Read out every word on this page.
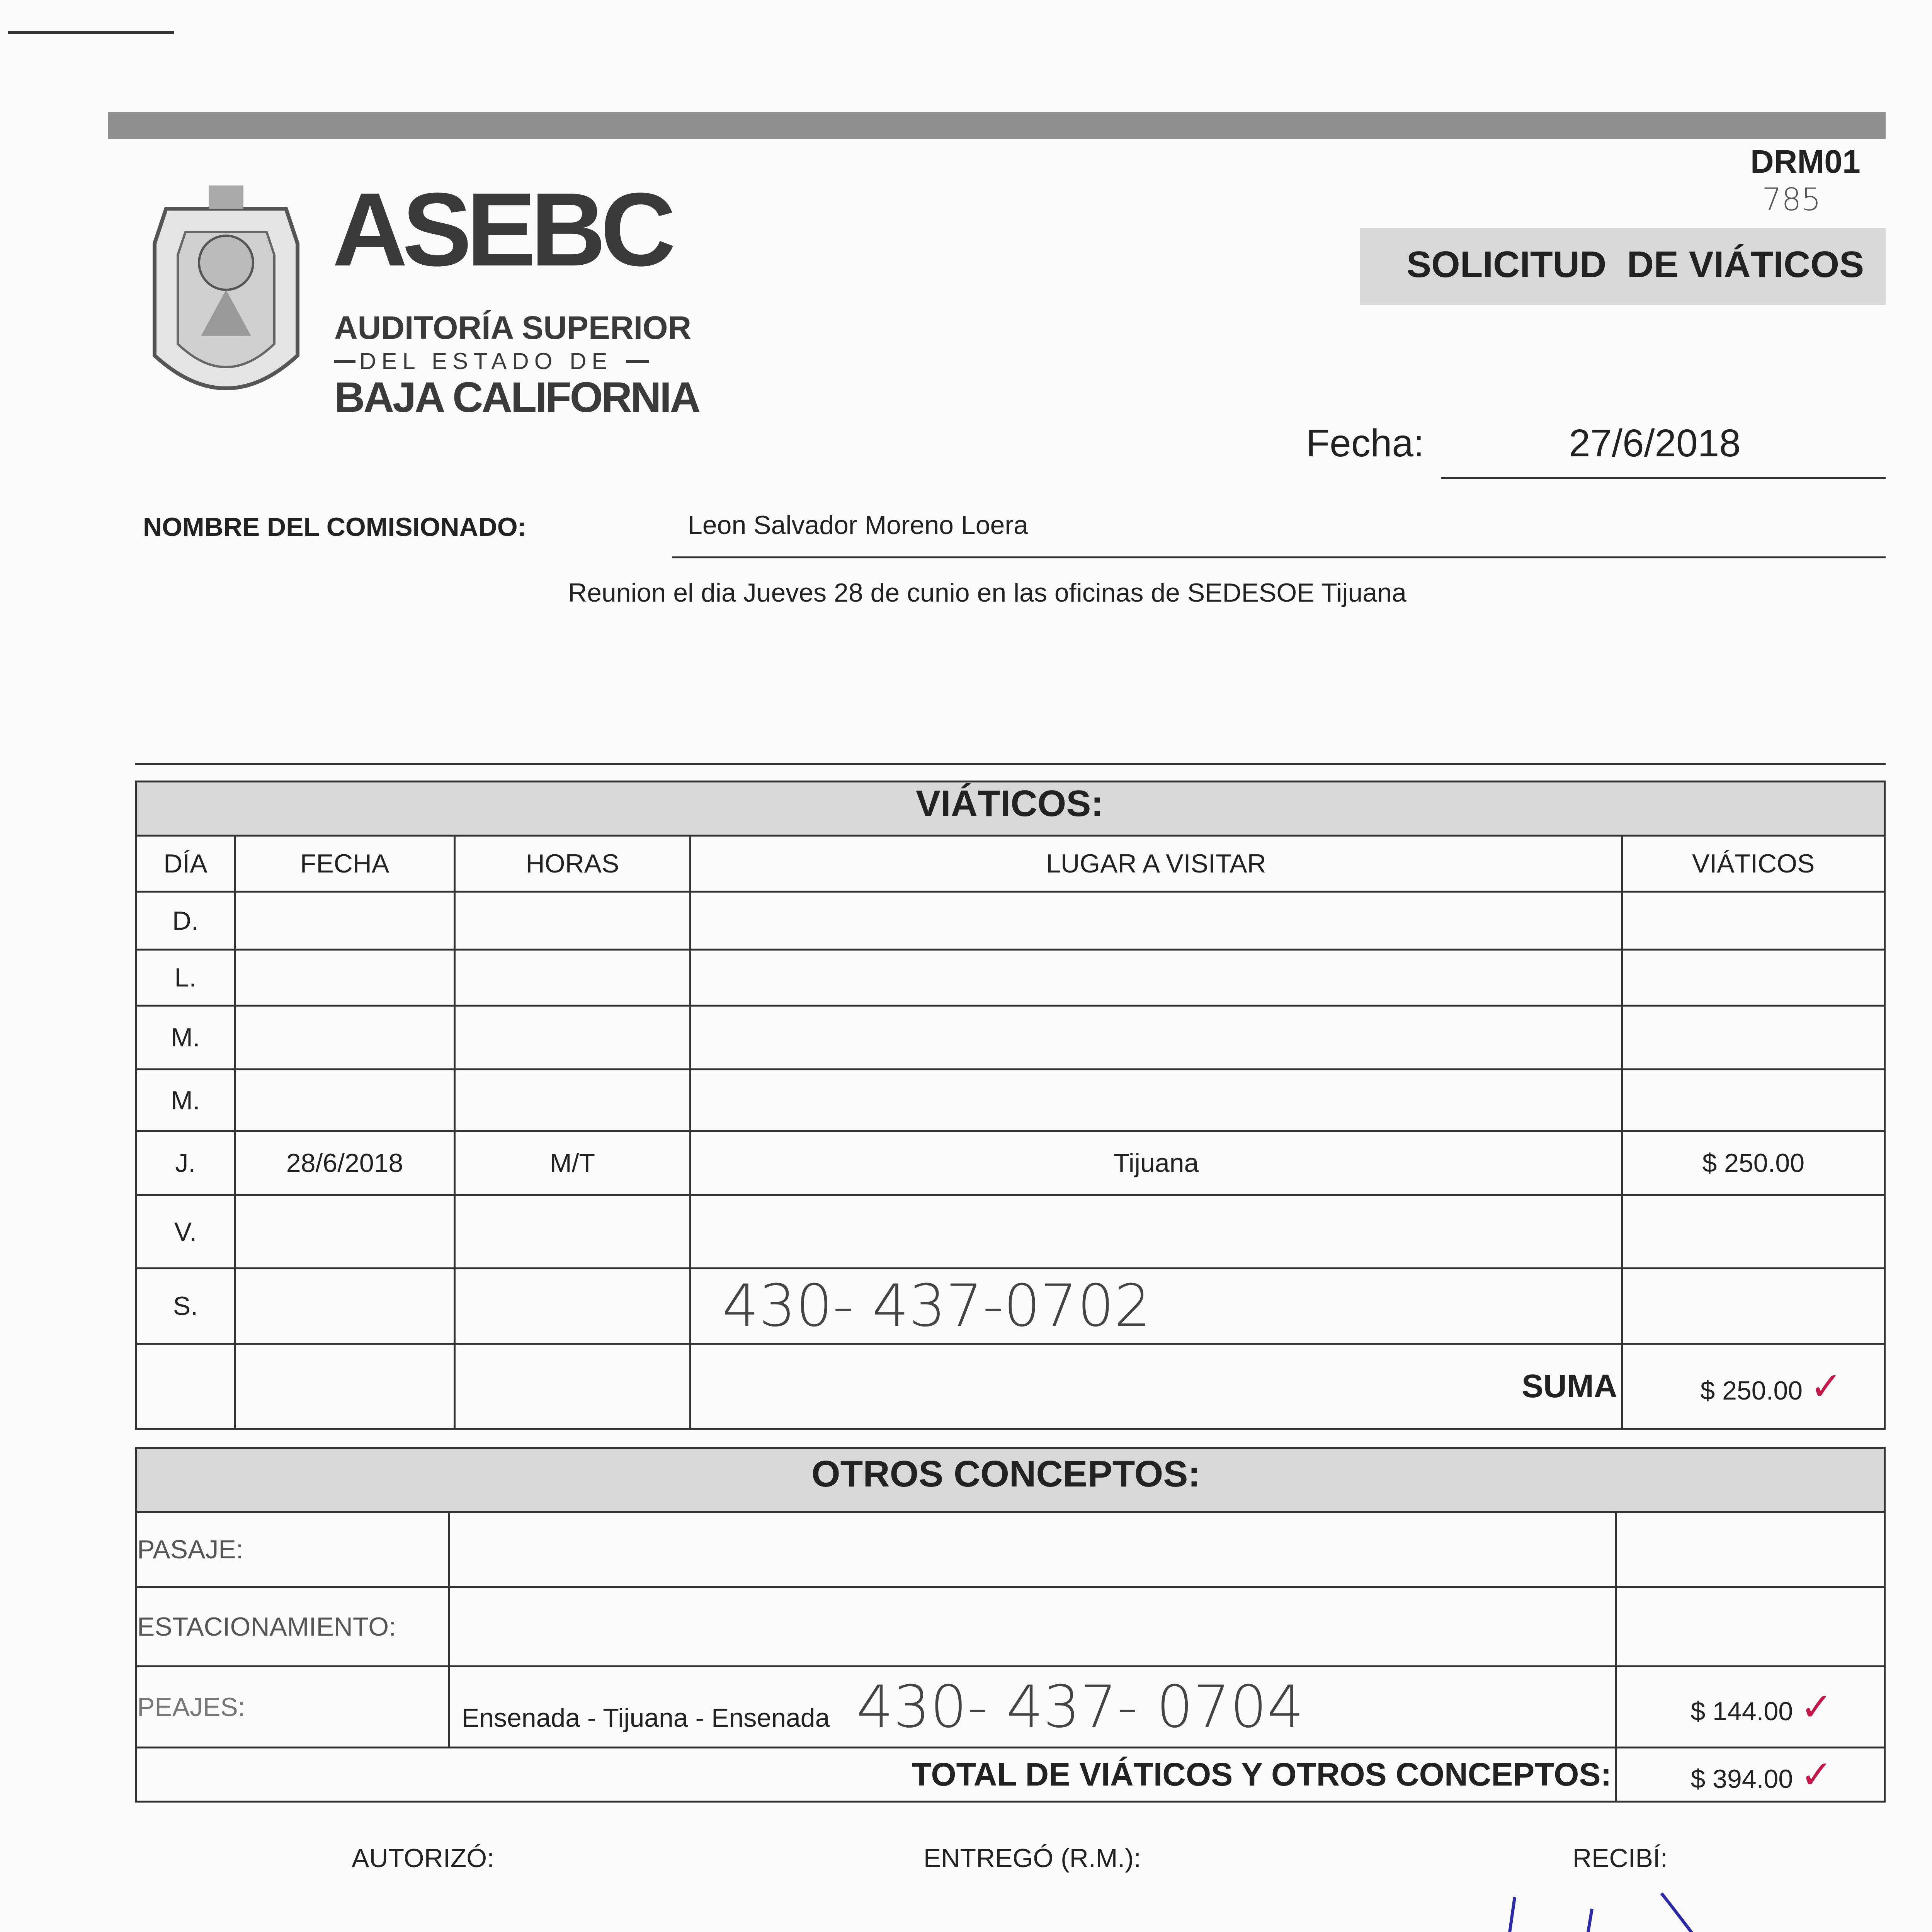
ASEBC
AUDITORÍA SUPERIOR
DEL ESTADO DE
BAJA CALIFORNIA
DRM01
785
SOLICITUD  DE VIÁTICOS
Fecha:	27/6/2018
NOMBRE DEL COMISIONADO:	Leon Salvador Moreno Loera
Reunion el dia Jueves 28 de cunio en las oficinas de SEDESOE Tijuana
VIÁTICOS:
DÍA	FECHA	HORAS	LUGAR A VISITAR	VIÁTICOS
D.				
L.				
M.				
M.				
J.	28/6/2018	M/T	Tijuana	$ 250.00
V.				
S.			430- 437-0702	
			SUMA	$ 250.00 ✓
OTROS CONCEPTOS:
PASAJE:		
ESTACIONAMIENTO:		
PEAJES:	Ensenada - Tijuana - Ensenada 430- 437- 0704	$ 144.00 ✓
TOTAL DE VIÁTICOS Y OTROS CONCEPTOS:		$ 394.00 ✓
AUTORIZÓ:	ENTREGÓ (R.M.):	RECIBÍ:
